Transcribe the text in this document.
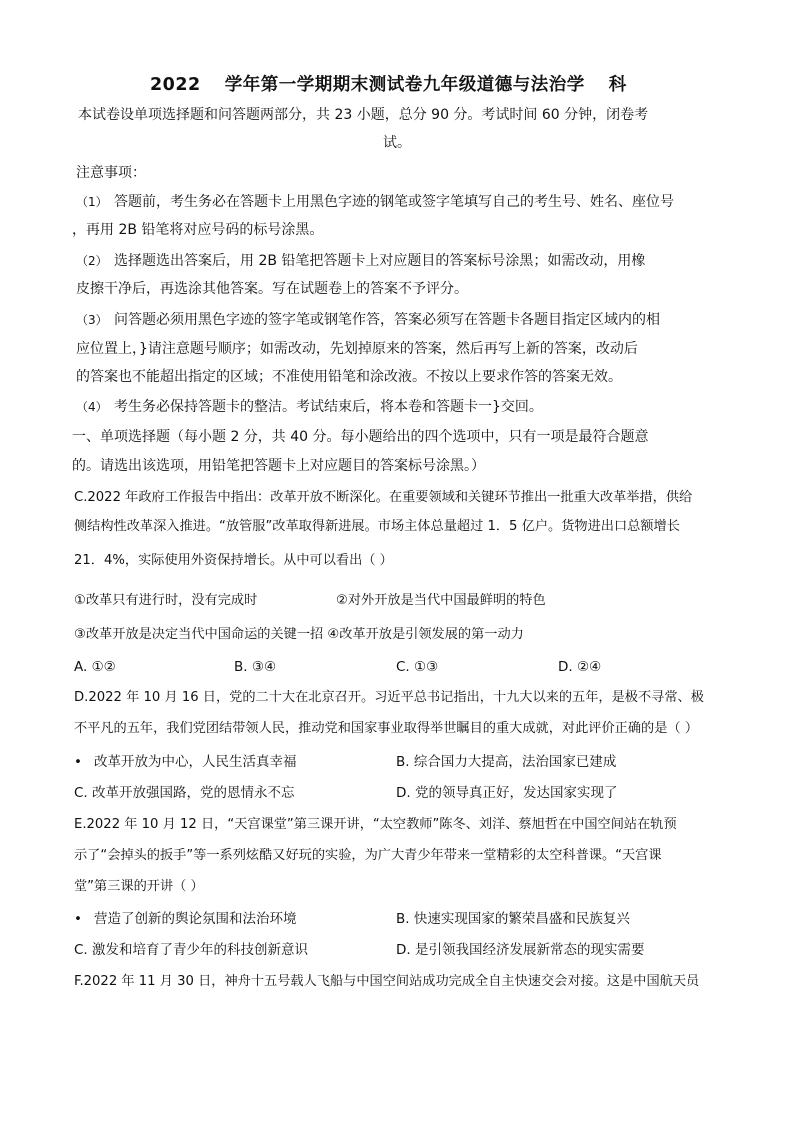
2022 学年第一学期期末测试卷九年级道德与法治学 科
本试卷设单项选择题和问答题两部分，共 23 小题，总分 90 分。考试时间 60 分钟，闭卷考
试。
注意事项：
（1） 答题前，考生务必在答题卡上用黑色字迹的钢笔或签字笔填写自己的考生号、姓名、座位号
，再用 2B 铅笔将对应号码的标号涂黑。
（2） 选择题选出答案后，用 2B 铅笔把答题卡上对应题目的答案标号涂黑；如需改动，用橡
皮擦干净后，再选涂其他答案。写在试题卷上的答案不予评分。
（3） 问答题必须用黑色字迹的签字笔或钢笔作答，答案必须写在答题卡各题目指定区域内的相
应位置上，}请注意题号顺序；如需改动，先划掉原来的答案，然后再写上新的答案，改动后
的答案也不能超出指定的区域；不准使用铅笔和涂改液。不按以上要求作答的答案无效。
（4） 考生务必保持答题卡的整洁。考试结束后，将本卷和答题卡一}交回。
一、单项选择题（每小题 2 分，共 40 分。每小题给出的四个选项中，只有一项是最符合题意
的。请选出该选项，用铅笔把答题卡上对应题目的答案标号涂黑。）
C.2022 年政府工作报告中指出：改革开放不断深化。在重要领域和关键环节推出一批重大改革举措，供给
侧结构性改革深入推进。“放管服”改革取得新进展。市场主体总量超过 1．5 亿户。货物进出口总额增长
21．4%，实际使用外资保持增长。从中可以看出（ ）
①改革只有进行时，没有完成时	②对外开放是当代中国最鲜明的特色
③改革开放是决定当代中国命运的关键一招 ④改革开放是引领发展的第一动力
A. ①②	B. ③④	C. ①③	D. ②④
D.2022 年 10 月 16 日，党的二十大在北京召开。习近平总书记指出，十九大以来的五年，是极不寻常、极
不平凡的五年，我们党团结带领人民，推动党和国家事业取得举世瞩目的重大成就，对此评价正确的是（ ）
• 改革开放为中心，人民生活真幸福	B. 综合国力大提高，法治国家已建成
C. 改革开放强国路，党的恩情永不忘	D. 党的领导真正好，发达国家实现了
E.2022 年 10 月 12 日，“天宫课堂”第三课开讲，“太空教师”陈冬、刘洋、蔡旭哲在中国空间站在轨预
示了“会掉头的扳手”等一系列炫酷又好玩的实验，为广大青少年带来一堂精彩的太空科普课。“天宫课
堂”第三课的开讲（ ）
• 营造了创新的舆论氛围和法治环境	B. 快速实现国家的繁荣昌盛和民族复兴
C. 激发和培育了青少年的科技创新意识	D. 是引领我国经济发展新常态的现实需要
F.2022 年 11 月 30 日，神舟十五号载人飞船与中国空间站成功完成全自主快速交会对接。这是中国航天员
